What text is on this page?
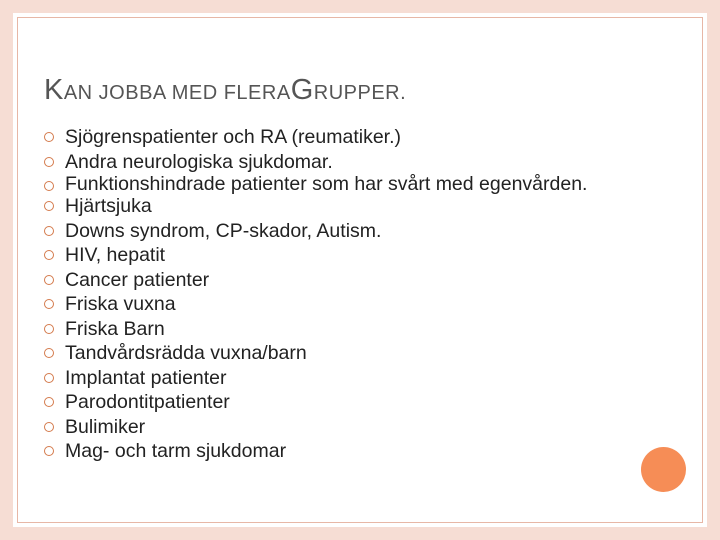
KAN JOBBA MED FLERAGRUPPER.
Sjögrenspatienter och RA (reumatiker.)
Andra neurologiska sjukdomar.
Funktionshindrade patienter som har svårt med egenvården.
Hjärtsjuka
Downs syndrom, CP-skador, Autism.
HIV, hepatit
Cancer patienter
Friska vuxna
Friska Barn
Tandvårdsrädda vuxna/barn
Implantat patienter
Parodontitpatienter
Bulimiker
Mag- och tarm sjukdomar
